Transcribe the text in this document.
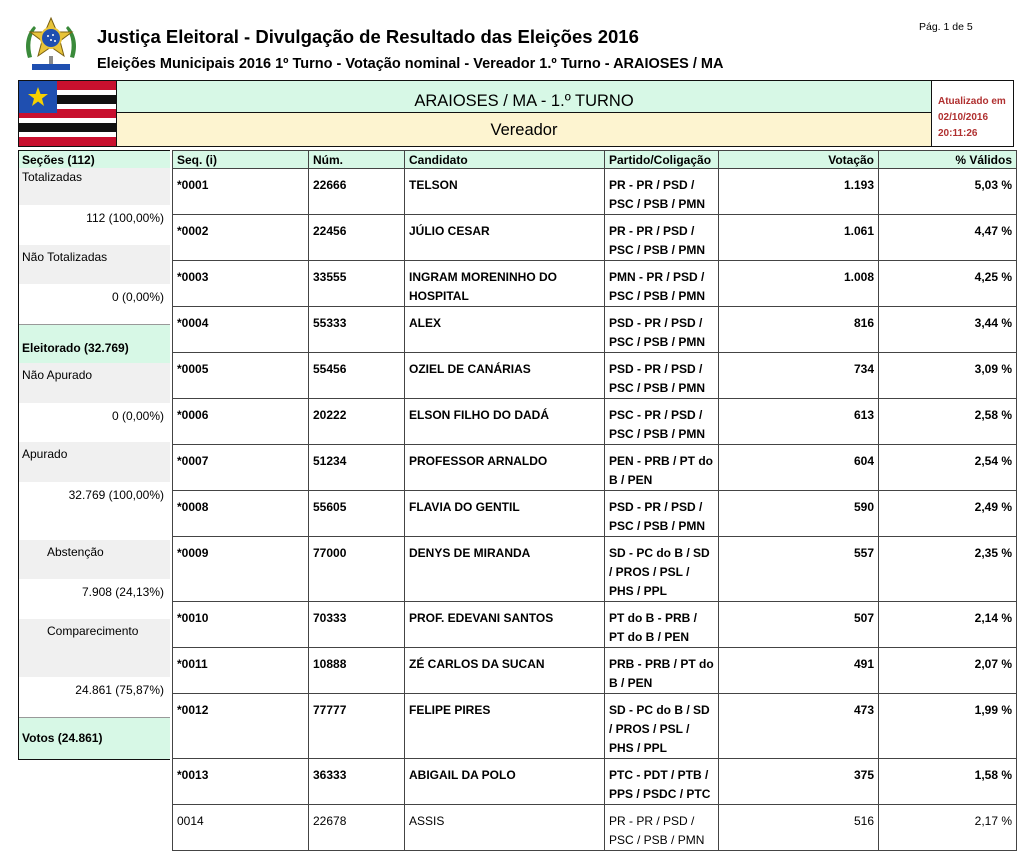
Justiça Eleitoral - Divulgação de Resultado das Eleições 2016
Eleições Municipais 2016 1º Turno - Votação nominal - Vereador 1.º Turno - ARAIOSES / MA
Pág. 1 de 5
ARAIOSES / MA - 1.º TURNO
Vereador
Atualizado em
02/10/2016
20:11:26
Seções (112)
Totalizadas
112 (100,00%)
Não Totalizadas
0 (0,00%)
Eleitorado (32.769)
Não Apurado
0 (0,00%)
Apurado
32.769 (100,00%)
Abstenção
7.908 (24,13%)
Comparecimento
24.861 (75,87%)
Votos (24.861)
Seq. (i)	Núm.	Candidato	Partido/Coligação	Votação	% Válidos
*0001	22666	TELSON	PR - PR / PSD / PSC / PSB / PMN	1.193	5,03 %
*0002	22456	JÚLIO CESAR	PR - PR / PSD / PSC / PSB / PMN	1.061	4,47 %
*0003	33555	INGRAM MORENINHO DO HOSPITAL	PMN - PR / PSD / PSC / PSB / PMN	1.008	4,25 %
*0004	55333	ALEX	PSD - PR / PSD / PSC / PSB / PMN	816	3,44 %
*0005	55456	OZIEL DE CANÁRIAS	PSD - PR / PSD / PSC / PSB / PMN	734	3,09 %
*0006	20222	ELSON FILHO DO DADÁ	PSC - PR / PSD / PSC / PSB / PMN	613	2,58 %
*0007	51234	PROFESSOR ARNALDO	PEN - PRB / PT do B / PEN	604	2,54 %
*0008	55605	FLAVIA DO GENTIL	PSD - PR / PSD / PSC / PSB / PMN	590	2,49 %
*0009	77000	DENYS DE MIRANDA	SD - PC do B / SD / PROS / PSL / PHS / PPL	557	2,35 %
*0010	70333	PROF. EDEVANI SANTOS	PT do B - PRB / PT do B / PEN	507	2,14 %
*0011	10888	ZÉ CARLOS DA SUCAN	PRB - PRB / PT do B / PEN	491	2,07 %
*0012	77777	FELIPE PIRES	SD - PC do B / SD / PROS / PSL / PHS / PPL	473	1,99 %
*0013	36333	ABIGAIL DA POLO	PTC - PDT / PTB / PPS / PSDC / PTC	375	1,58 %
0014	22678	ASSIS	PR - PR / PSD / PSC / PSB / PMN	516	2,17 %
